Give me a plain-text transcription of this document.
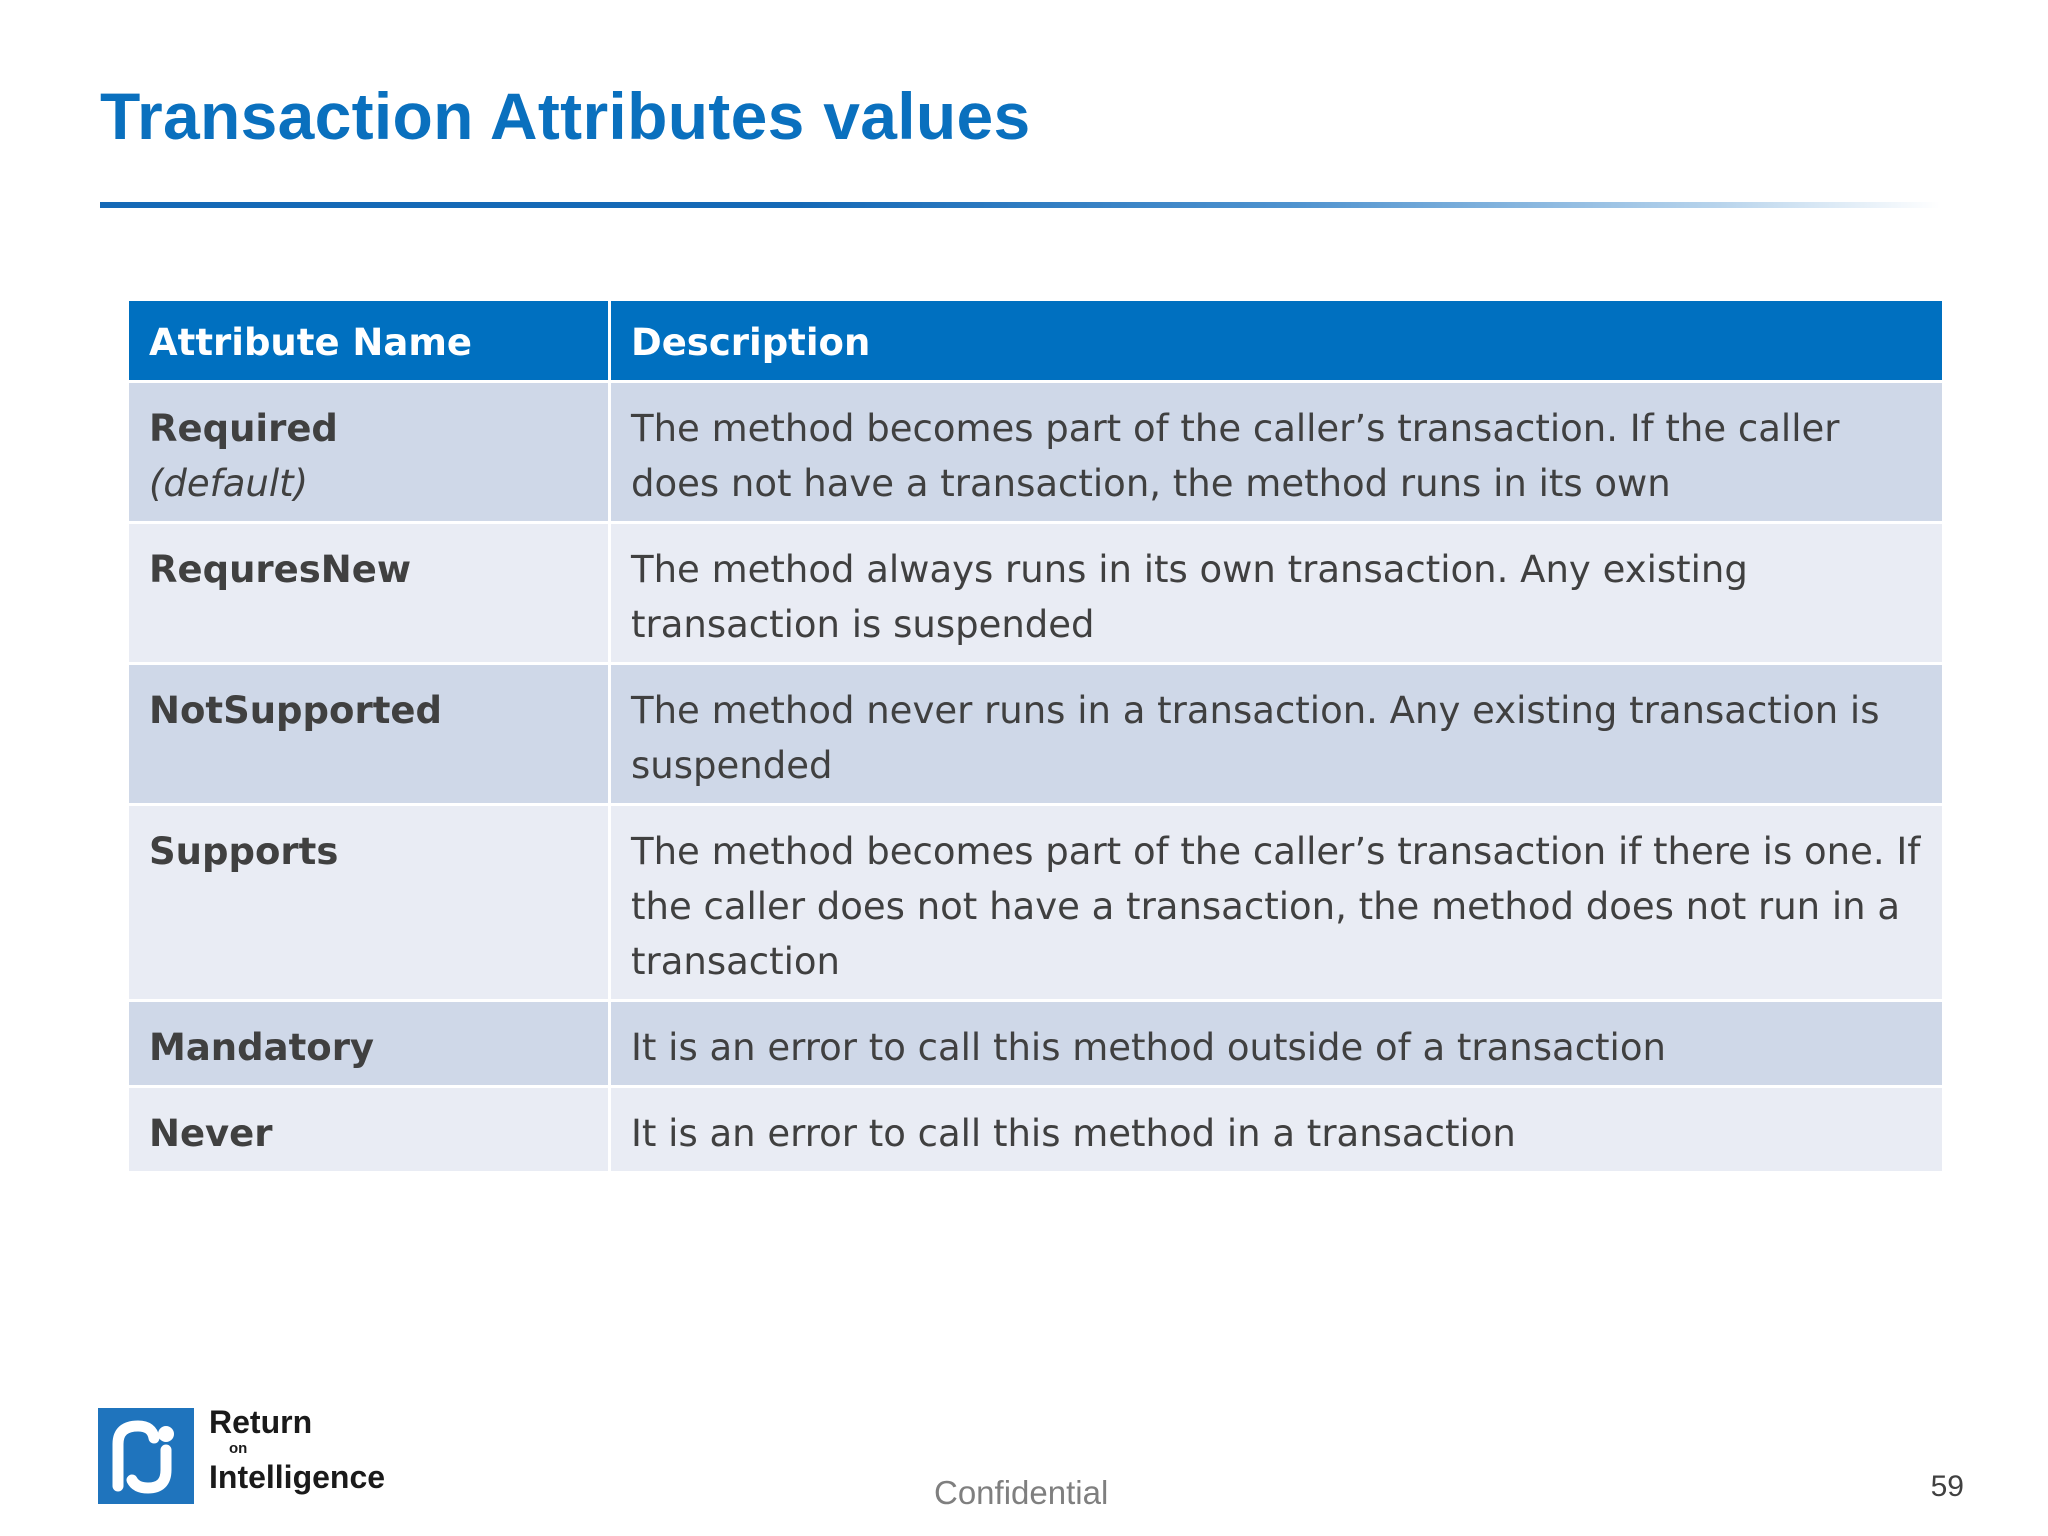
Transaction Attributes values
Attribute Name	Description

Required
(default)	The method becomes part of the caller’s transaction. If the caller does not have a transaction, the method runs in its own

RequresNew	The method always runs in its own transaction. Any existing transaction is suspended

NotSupported	The method never runs in a transaction. Any existing transaction is suspended

Supports	The method becomes part of the caller’s transaction if there is one. If the caller does not have a transaction, the method does not run in a transaction

Mandatory	It is an error to call this method outside of a transaction

Never	It is an error to call this method in a transaction
Return
on
Intelligence	Confidential	59
